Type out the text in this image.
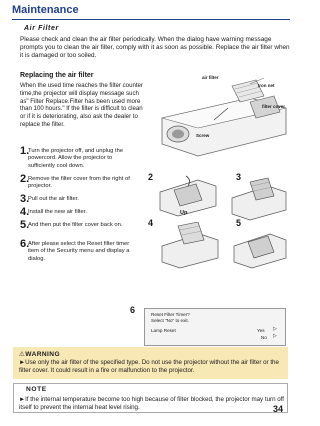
Maintenance
Air Filter
Please check and clean the air filter periodically. When the dialog have warning message prompts you to clean the air filter, comply with it as soon as possible. Replace the air filter when it is damaged or too soiled.
Replacing the air filter
When the used time reaches the filter counter time,the projector will display message such as" Filter Replace.Filter has been used more than 100 hours." If the filter is difficult to clean or if it is deteriorating, also ask the dealer to replace the filter.
1.
Turn the projector off, and unplug the powercord. Allow the projector to sufficiently cool down.
2.
Remove the filter cover from the right of projector.
3.
Pull out the air filter.
4.
Install the new air filter.
5.
And then put the filter cover back on.
6.
After please select the Reset filter timer item of the Security menu and display a dialog.
air filter
Iron net
filter cover
Screw
2
Up
3
4	5
6	Reset Filter Timer?
Select "No" to exit.
Lamp Reset	Yes ▷
No ▷
⚠WARNING
►Use only the air filter of the specified type. Do not use the projector without the air filter or the filter cover. It could result in a fire or malfunction to the projector.
NOTE
►If the internal temperature become too high because of filter blocked, the projector may turn off itself to prevent the internal heat level rising.	34
